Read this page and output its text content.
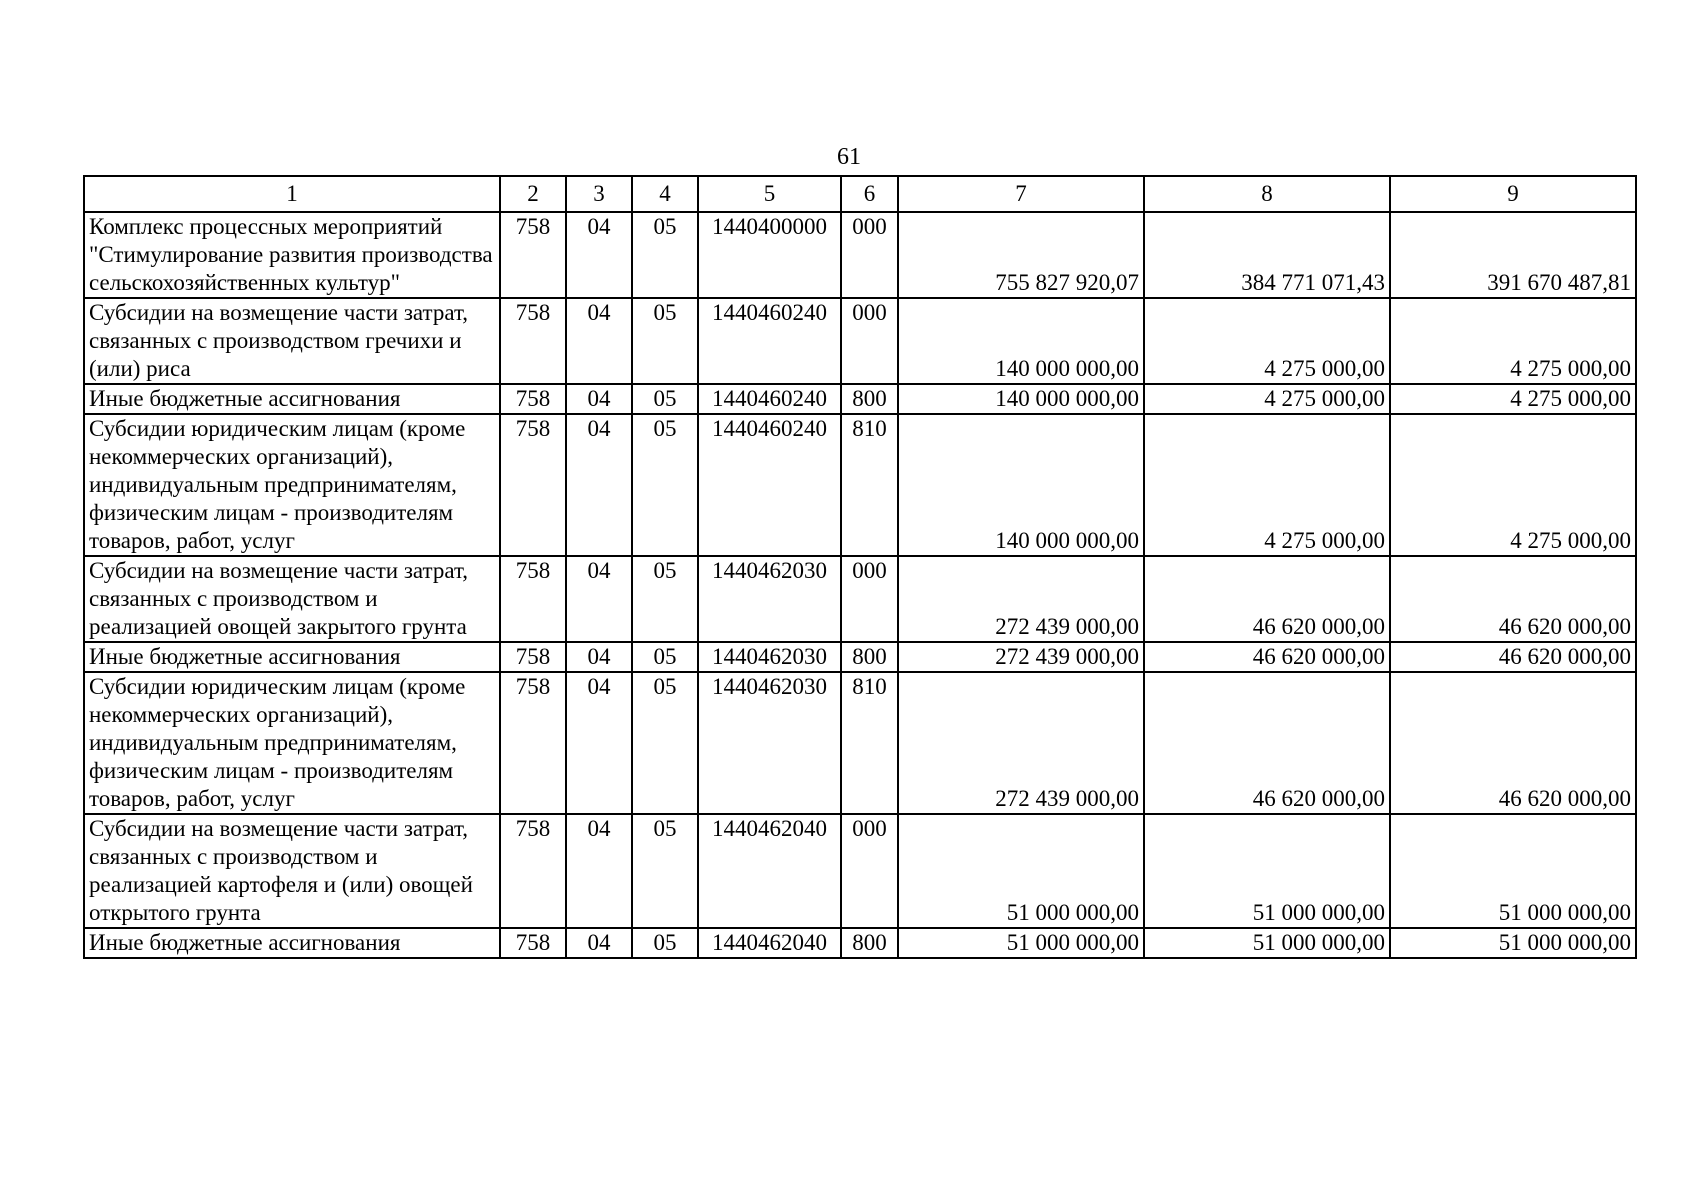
61
1	2	3	4	5	6	7	8	9
Комплекс процессных мероприятий "Стимулирование развития производства сельскохозяйственных культур"	758	04	05	1440400000	000	755 827 920,07	384 771 071,43	391 670 487,81
Субсидии на возмещение части затрат, связанных с производством гречихи и (или) риса	758	04	05	1440460240	000	140 000 000,00	4 275 000,00	4 275 000,00
Иные бюджетные ассигнования	758	04	05	1440460240	800	140 000 000,00	4 275 000,00	4 275 000,00
Субсидии юридическим лицам (кроме некоммерческих организаций), индивидуальным предпринимателям, физическим лицам - производителям товаров, работ, услуг	758	04	05	1440460240	810	140 000 000,00	4 275 000,00	4 275 000,00
Субсидии на возмещение части затрат, связанных с производством и реализацией овощей закрытого грунта	758	04	05	1440462030	000	272 439 000,00	46 620 000,00	46 620 000,00
Иные бюджетные ассигнования	758	04	05	1440462030	800	272 439 000,00	46 620 000,00	46 620 000,00
Субсидии юридическим лицам (кроме некоммерческих организаций), индивидуальным предпринимателям, физическим лицам - производителям товаров, работ, услуг	758	04	05	1440462030	810	272 439 000,00	46 620 000,00	46 620 000,00
Субсидии на возмещение части затрат, связанных с производством и реализацией картофеля и (или) овощей открытого грунта	758	04	05	1440462040	000	51 000 000,00	51 000 000,00	51 000 000,00
Иные бюджетные ассигнования	758	04	05	1440462040	800	51 000 000,00	51 000 000,00	51 000 000,00
